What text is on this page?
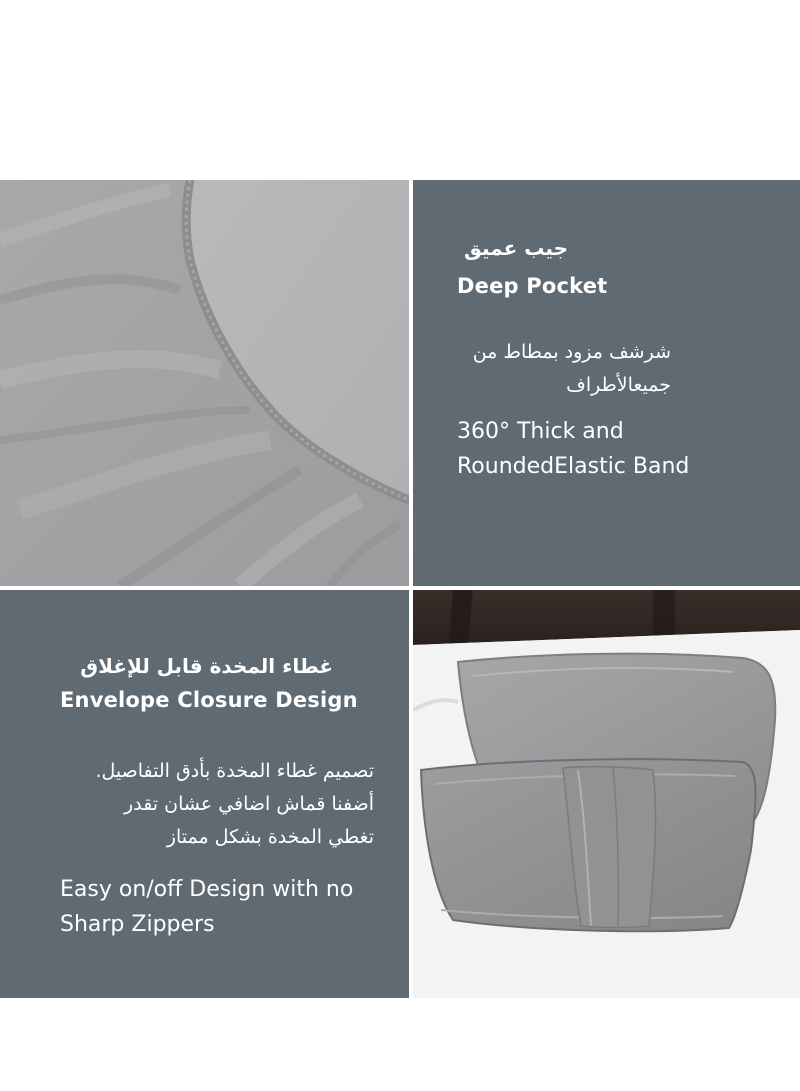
جيب عميق
Deep Pocket
شرشف مزود بمطاط من
جميعالأطراف
360° Thick and
RoundedElastic Band
غطاء المخدة قابل للإغلاق
Envelope Closure Design
تصميم غطاء المخدة بأدق التفاصيل.
أضفنا قماش اضافي عشان تقدر
تغطي المخدة بشكل ممتاز
Easy on/off Design with no
Sharp Zippers
